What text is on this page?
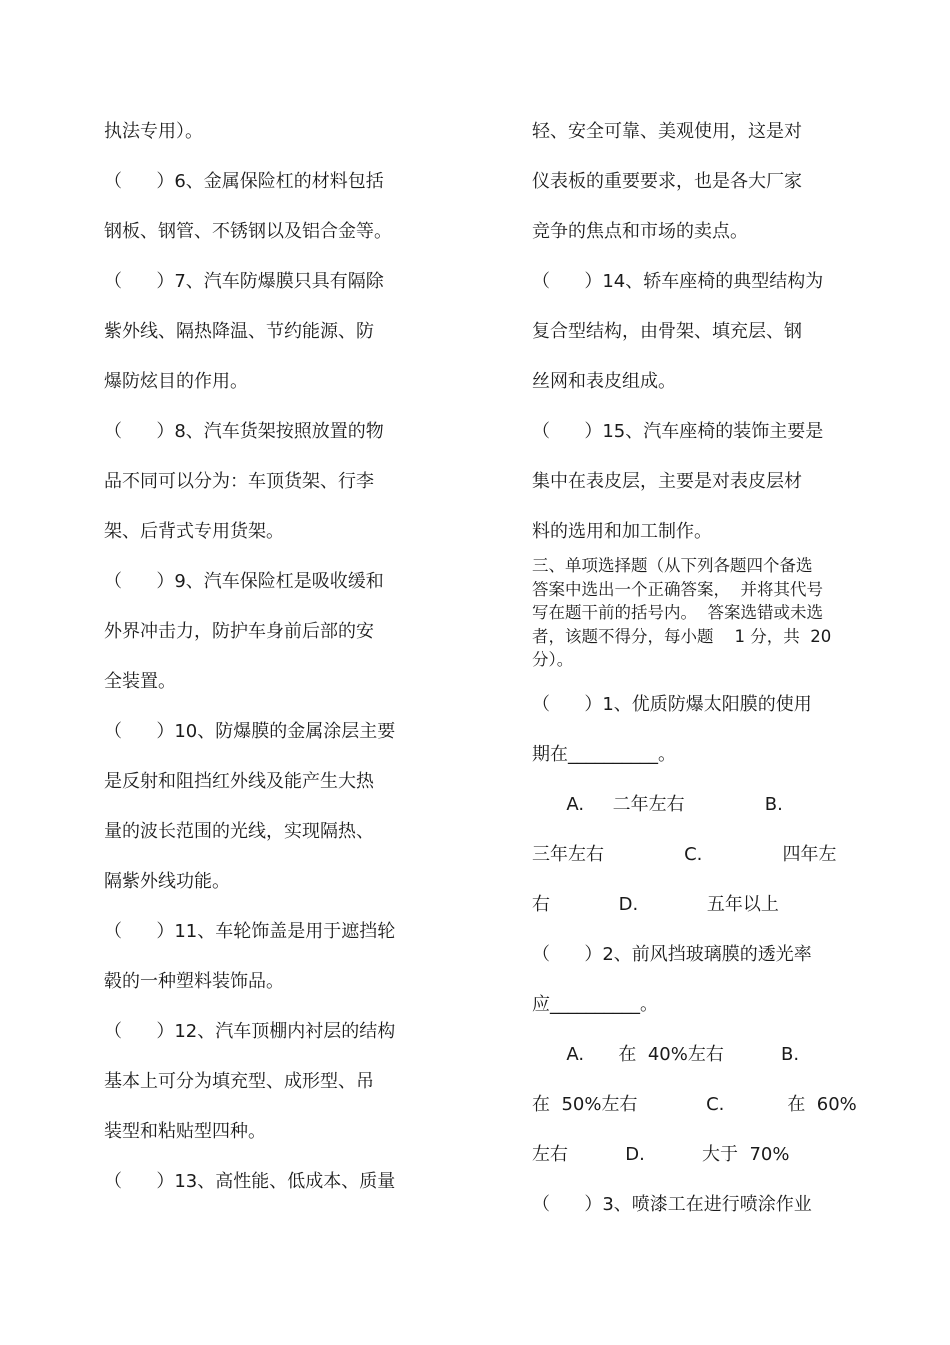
执法专用）。
（      ）6、金属保险杠的材料包括
钢板、钢管、不锈钢以及铝合金等。
（      ）7、汽车防爆膜只具有隔除
紫外线、隔热降温、节约能源、防
爆防炫目的作用。
（      ）8、汽车货架按照放置的物
品不同可以分为：车顶货架、行李
架、后背式专用货架。
（      ）9、汽车保险杠是吸收缓和
外界冲击力，防护车身前后部的安
全装置。
（      ）10、防爆膜的金属涂层主要
是反射和阻挡红外线及能产生大热
量的波长范围的光线，实现隔热、
隔紫外线功能。
（      ）11、车轮饰盖是用于遮挡轮
毂的一种塑料装饰品。
（      ）12、汽车顶棚内衬层的结构
基本上可分为填充型、成形型、吊
装型和粘贴型四种。
（      ）13、高性能、低成本、质量
轻、安全可靠、美观使用，这是对
仪表板的重要要求，也是各大厂家
竞争的焦点和市场的卖点。
（      ）14、轿车座椅的典型结构为
复合型结构，由骨架、填充层、钢
丝网和表皮组成。
（      ）15、汽车座椅的装饰主要是
集中在表皮层，主要是对表皮层材
料的选用和加工制作。
三、单项选择题（从下列各题四个备选
答案中选出一个正确答案，  并将其代号
写在题干前的括号内。  答案选错或未选
者，该题不得分，每小题    1 分，共  20
分）。
（      ）1、优质防爆太阳膜的使用
期在__________。
A.     二年左右              B.
三年左右              C.              四年左
右            D.            五年以上
（      ）2、前风挡玻璃膜的透光率
应__________。
A.      在  40%左右          B.
在  50%左右            C.           在  60%
左右          D.          大于  70%
（      ）3、喷漆工在进行喷涂作业
